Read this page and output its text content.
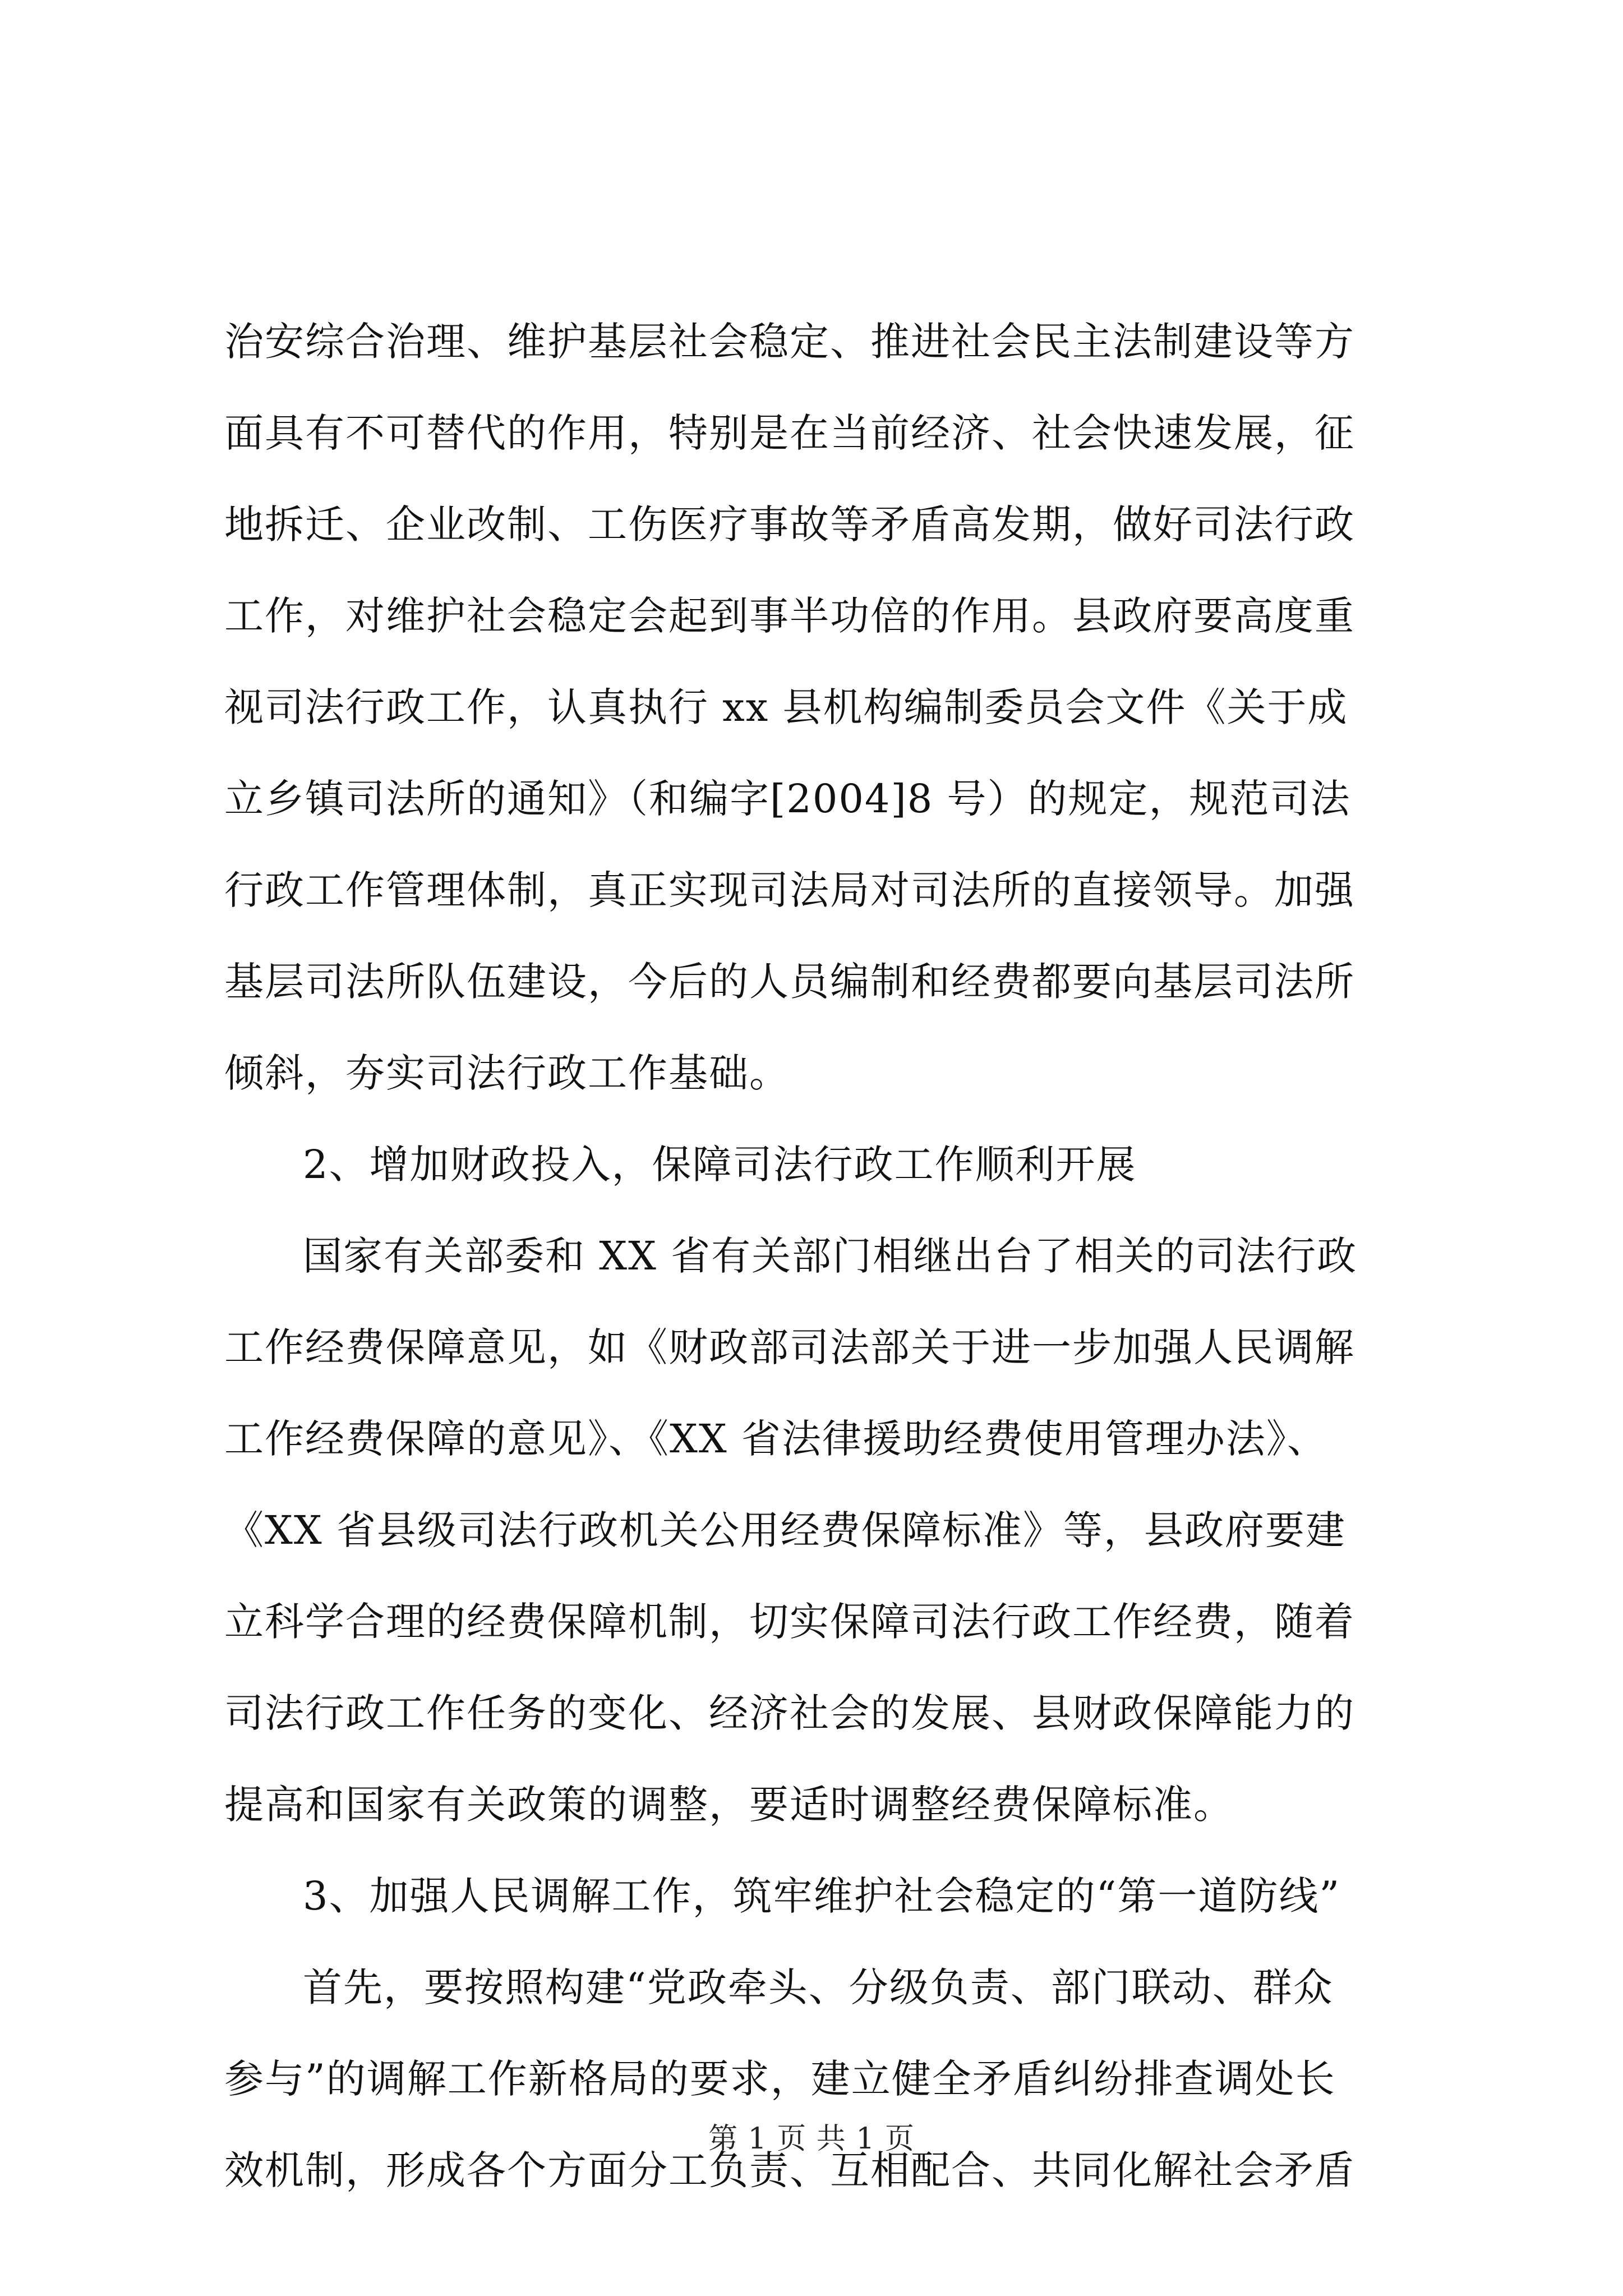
治安综合治理、维护基层社会稳定、推进社会民主法制建设等方
面具有不可替代的作用，特别是在当前经济、社会快速发展，征
地拆迁、企业改制、工伤医疗事故等矛盾高发期，做好司法行政
工作，对维护社会稳定会起到事半功倍的作用。县政府要高度重
视司法行政工作，认真执行 xx 县机构编制委员会文件《关于成
立乡镇司法所的通知》（和编字[2004]8 号）的规定，规范司法
行政工作管理体制，真正实现司法局对司法所的直接领导。加强
基层司法所队伍建设，今后的人员编制和经费都要向基层司法所
倾斜，夯实司法行政工作基础。
2、增加财政投入，保障司法行政工作顺利开展
国家有关部委和 XX 省有关部门相继出台了相关的司法行政
工作经费保障意见，如《财政部司法部关于进一步加强人民调解
工作经费保障的意见》、《XX 省法律援助经费使用管理办法》、
《XX 省县级司法行政机关公用经费保障标准》等，县政府要建
立科学合理的经费保障机制，切实保障司法行政工作经费，随着
司法行政工作任务的变化、经济社会的发展、县财政保障能力的
提高和国家有关政策的调整，要适时调整经费保障标准。
3、加强人民调解工作，筑牢维护社会稳定的“第一道防线”
首先，要按照构建“党政牵头、分级负责、部门联动、群众
参与”的调解工作新格局的要求，建立健全矛盾纠纷排查调处长
效机制，形成各个方面分工负责、互相配合、共同化解社会矛盾
第 1 页 共 1 页
